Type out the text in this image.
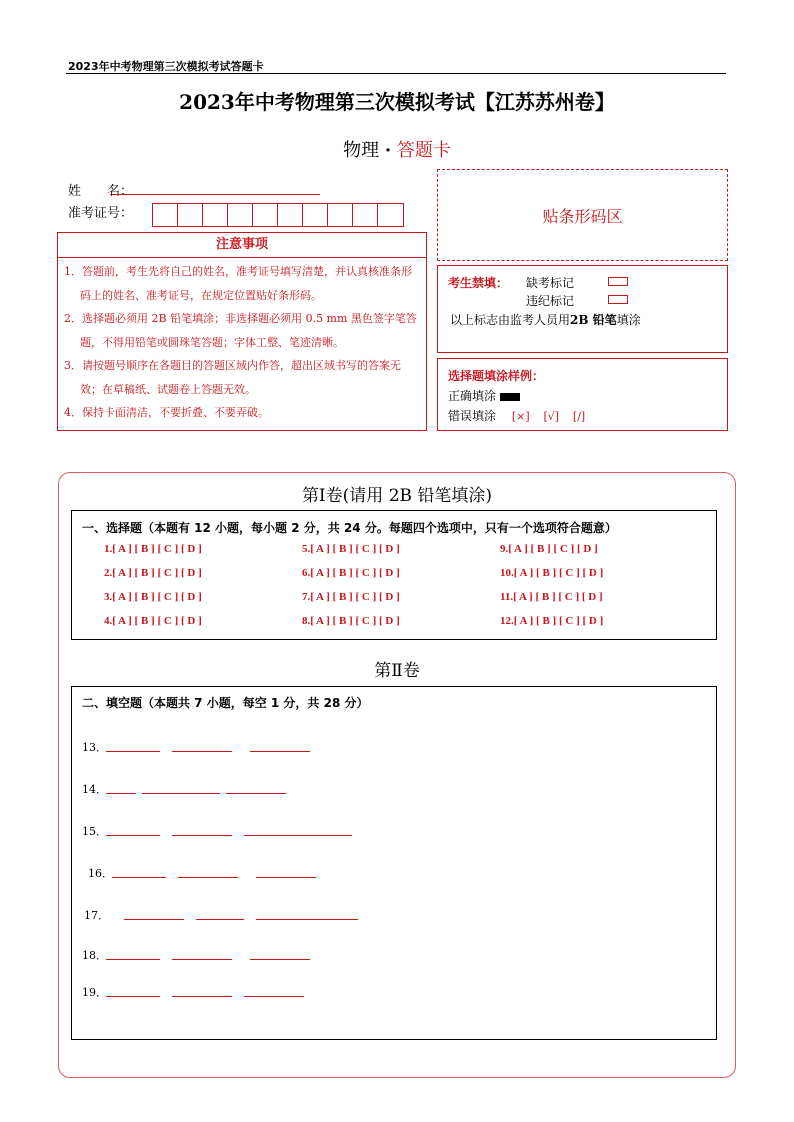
2023年中考物理第三次模拟考试答题卡
2023年中考物理第三次模拟考试【江苏苏州卷】
物理 · 答题卡
姓　　名：
准考证号：	贴条形码区
注意事项
1．答题前，考生先将自己的姓名，准考证号填写清楚，并认真核准条形码上的姓名、准考证号，在规定位置贴好条形码。
2．选择题必须用 2B 铅笔填涂；非选择题必须用 0.5 mm 黑色签字笔答题，不得用铅笔或圆珠笔答题；字体工整、笔迹清晰。
3．请按题号顺序在各题目的答题区域内作答，超出区域书写的答案无效；在草稿纸、试题卷上答题无效。
4．保持卡面清洁，不要折叠、不要弄破。
考生禁填： 缺考标记
违纪标记
以上标志由监考人员用2B 铅笔填涂
选择题填涂样例：
正确填涂
错误填涂 [×] [√] [/]
第Ⅰ卷(请用 2B 铅笔填涂)
一、选择题（本题有 12 小题，每小题 2 分，共 24 分。每题四个选项中，只有一个选项符合题意）
1.[ A ] [ B ] [ C ] [ D ]	5.[ A ] [ B ] [ C ] [ D ]	9.[ A ] [ B ] [ C ] [ D ]
2.[ A ] [ B ] [ C ] [ D ]	6.[ A ] [ B ] [ C ] [ D ]	10.[ A ] [ B ] [ C ] [ D ]
3.[ A ] [ B ] [ C ] [ D ]	7.[ A ] [ B ] [ C ] [ D ]	11.[ A ] [ B ] [ C ] [ D ]
4.[ A ] [ B ] [ C ] [ D ]	8.[ A ] [ B ] [ C ] [ D ]	12.[ A ] [ B ] [ C ] [ D ]
第Ⅱ卷
二、填空题（本题共 7 小题，每空 1 分，共 28 分）
13．
14．
15．
16．
17．
18．
19．
